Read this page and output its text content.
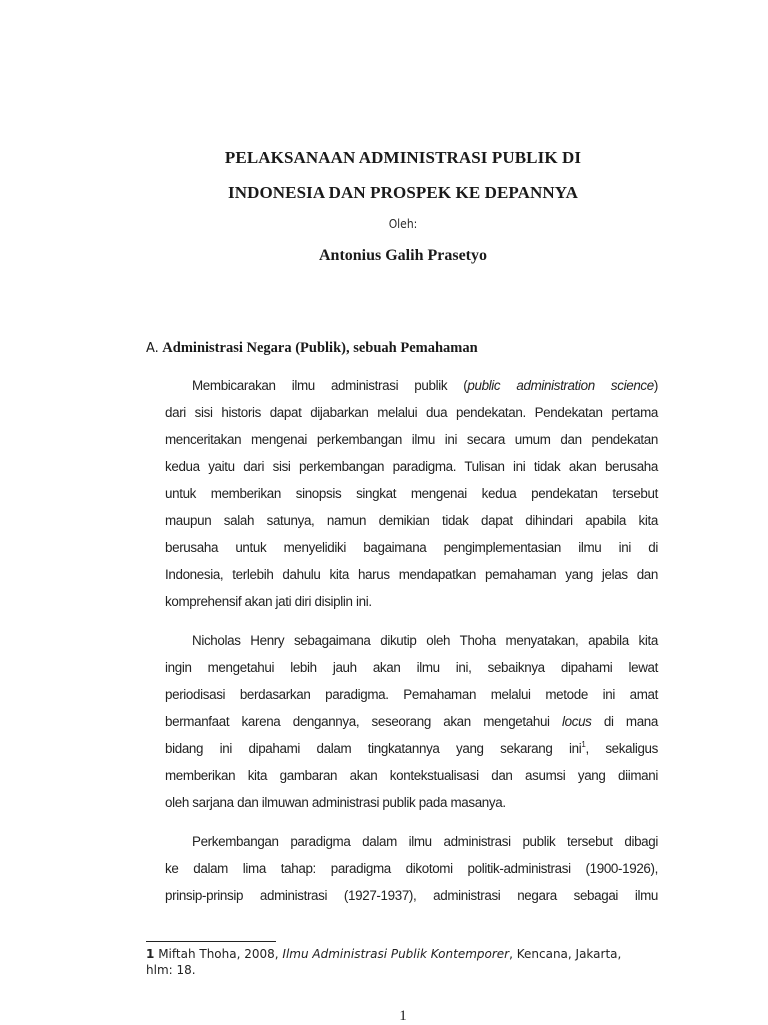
PELAKSANAAN ADMINISTRASI PUBLIK DI
INDONESIA DAN PROSPEK KE DEPANNYA
Oleh:
Antonius Galih Prasetyo
A. Administrasi Negara (Publik), sebuah Pemahaman

Membicarakan ilmu administrasi publik (public administration science)

dari sisi historis dapat dijabarkan melalui dua pendekatan. Pendekatan pertama

menceritakan mengenai perkembangan ilmu ini secara umum dan pendekatan

kedua yaitu dari sisi perkembangan paradigma. Tulisan ini tidak akan berusaha

untuk memberikan sinopsis singkat mengenai kedua pendekatan tersebut

maupun salah satunya, namun demikian tidak dapat dihindari apabila kita

berusaha untuk menyelidiki bagaimana pengimplementasian ilmu ini di

Indonesia, terlebih dahulu kita harus mendapatkan pemahaman yang jelas dan

komprehensif akan jati diri disiplin ini.

Nicholas Henry sebagaimana dikutip oleh Thoha menyatakan, apabila kita

ingin mengetahui lebih jauh akan ilmu ini, sebaiknya dipahami lewat

periodisasi berdasarkan paradigma. Pemahaman melalui metode ini amat

bermanfaat karena dengannya, seseorang akan mengetahui locus di mana

bidang ini dipahami dalam tingkatannya yang sekarang ini$^1$, sekaligus

memberikan kita gambaran akan kontekstualisasi dan asumsi yang diimani

oleh sarjana dan ilmuwan administrasi publik pada masanya.

Perkembangan paradigma dalam ilmu administrasi publik tersebut dibagi

ke dalam lima tahap: paradigma dikotomi politik-administrasi (1900-1926),

prinsip-prinsip administrasi (1927-1937), administrasi negara sebagai ilmu

1 Miftah Thoha, 2008, Ilmu Administrasi Publik Kontemporer, Kencana, Jakarta,

hlm: 18.

1
